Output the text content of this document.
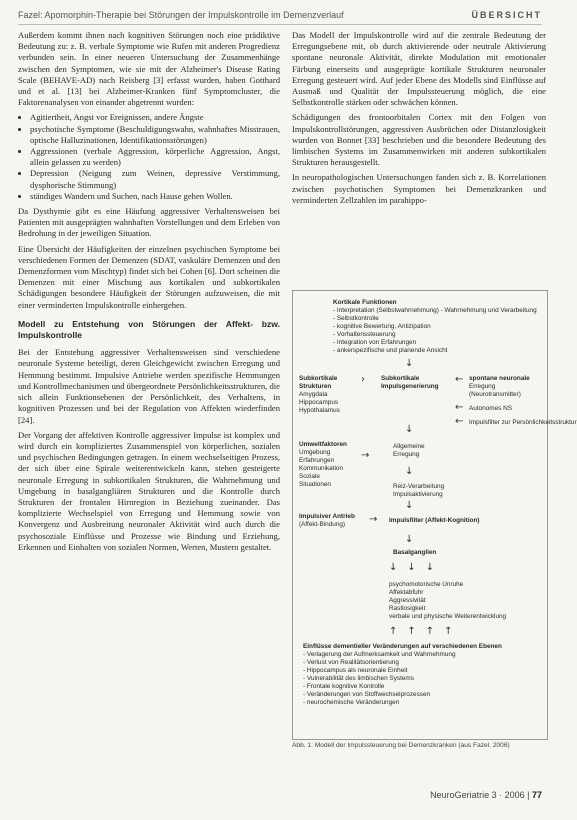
Fazel: Apomorphin-Therapie bei Störungen der Impulskontrolle im Demenzverlauf	ÜBERSICHT

Außerdem kommt ihnen nach kognitiven Störungen noch eine prädiktive Bedeutung zu: z. B. verbale Symptome wie Rufen mit anderen Progredienz verbunden sein. In einer neueren Untersuchung der Zusammenhänge zwischen den Symptomen, wie sie mit der Alzheimer's Disease Rating Scale (BEHAVE-AD) nach Reisberg [3] erfasst wurden, haben Gotthard und et al. [13] bei Alzheimer-Kranken fünf Symptomcluster, die Faktorenanalysen von einander abgetrennt wurden:

• Agitiertheit, Angst vor Ereignissen, andere Ängste
• psychotische Symptome (Beschuldigungswahn, wahnhaftes Misstrauen, optische Halluzinationen, Identifikationsstörungen)
• Aggressionen (verbale Aggression, körperliche Aggression, Angst, allein gelassen zu werden)
• Depression (Neigung zum Weinen, depressive Verstimmung, dysphorische Stimmung)
• ständiges Wandern und Suchen, nach Hause gehen Wollen.

Da Dysthymie gibt es eine Häufung aggressiver Verhaltensweisen bei Patienten mit ausgeprägten wahnhaften Vorstellungen und dem Erleben von Bedrohung in der jeweiligen Situation.

Eine Übersicht der Häufigkeiten der einzelnen psychischen Symptome bei verschiedenen Formen der Demenzen (SDAT, vaskuläre Demenzen und den Demenzformen vom Mischtyp) findet sich bei Cohen [6]. Dort scheinen die Demenzen mit einer Mischung aus kortikalen und subkortikalen Schädigungen besondere Häufigkeit der Störungen aufzuweisen, die mit einer verminderten Impulskontrolle einhergehen.

Modell zu Entstehung von Störungen der Affekt- bzw. Impulskontrolle

Bei der Entstehung aggressiver Verhaltensweisen sind verschiedene neuronale Systeme beteiligt, deren Gleichgewicht zwischen Erregung und Hemmung bestimmt. Impulsive Antriebe werden spezifische Hemmungen und Kontrollmechanismen und übergeordnete Persönlichkeitsstrukturen, die sich allein Funktionsebenen der Persönlichkeit, des Verhaltens, in kognitiven Prozessen und bei der Regulation von Affekten wiederfinden [24].

Der Vorgang der affektiven Kontrolle aggressiver Impulse ist komplex und wird durch ein kompliziertes Zusammenspiel von körperlichen, sozialen und psychischen Bedingungen getragen. In einem wechselseitigen Prozess, der sich über eine Spirale weiterentwickeln kann, stehen gesteigerte neuronale Erregung in subkortikalen Strukturen, die Wahrnehmung und Umgebung in basalgangliären Strukturen und die Kontrolle durch Strukturen der frontalen Hirnregion in Beziehung zueinander. Das komplizierte Wechselspiel von Erregung und Hemmung sowie von Konvergenz und Ausbreitung neuronaler Aktivität wird auch durch die psychosoziale Einflüsse und Prozesse wie Bindung und Erziehung, Erkennen und Einhalten von sozialen Normen, Werten, Mustern gestaltet.

Das Modell der Impulskontrolle wird auf die zentrale Bedeutung der Erregungsebene mit, ob durch aktivierende oder neutrale Aktivierung spontane neuronale Aktivität, direkte Modulation mit emotionaler Färbung einerseits und ausgeprägte kortikale Strukturen neuronaler Erregung gesteuert wird. Auf jeder Ebene des Modells sind Einflüsse auf Ausmaß und Qualität der Impulssteuerung möglich, die eine Selbstkontrolle stärken oder schwächen können.

Schädigungen des frontoorbitalen Cortex mit den Folgen von Impulskontrollstörungen, aggressiven Ausbrüchen oder Distanzlosigkeit wurden von Bonnet [33] beschrieben und die besondere Bedeutung des limbischen Systems im Zusammenwirken mit anderen subkortikalen Strukturen herausgestellt.

In neuropathologischen Untersuchungen fanden sich z. B. Korrelationen zwischen psychotischen Symptomen bei Demenzkranken und verminderten Zellzahlen im parahippo-

Kortikale Funktionen
- Interpretation (Selbstwahrnehmung) - Wahrnehmung und Verarbeitung
- Selbstkontrolle
- kognitive Bewertung, Antizipation
- Vorhaltenssteuerung
- Integration von Erfahrungen
- ankerspezifische und planende Ansicht
↓
Subkortikale
Strukturen
Amygdala
Hippocampus
Hypothalamus
›	Subkortikale
Impulsgenerierung
← spontane neuronale
Erregung
(Neurotransmitter)
← Autonomes NS
← Impulsfilter zur Persönlichkeitsstruktur
↓
Umweltfaktoren
Umgebung
Erfahrungen
Kommunikation
Soziale
Situationen
→
Allgemeine
Erregung
↓
Reiz-Verarbeitung
Impulsaktivierung
↓
Impulsiver Antrieb
(Affekt-Bindung)	→ Impulsfilter (Affekt-Kognition)
↓
Basalganglien
↓↓↓
psychomotorische Unruhe
Affektabfuhr
Aggressivität
Rastlosigkeit
verbale und physische Weiterentwicklung
↑↑↑↑
Einflüsse dementieller Veränderungen auf verschiedenen Ebenen
- Verlagerung der Aufmerksamkeit und Wahrnehmung
- Verlust von Realitätsorientierung
- Hippocampus als neuronale Einheit
- Vulnerabilität des limbischen Systems
- Frontale kognitive Kontrolle
- Veränderungen von Stoffwechselprozessen
- neurochemische Veränderungen
Abb. 1: Modell der Impulssteuerung bei Demenzkranken (aus Fazel, 2006)
NeuroGeriatrie 3 · 2006 | 77
